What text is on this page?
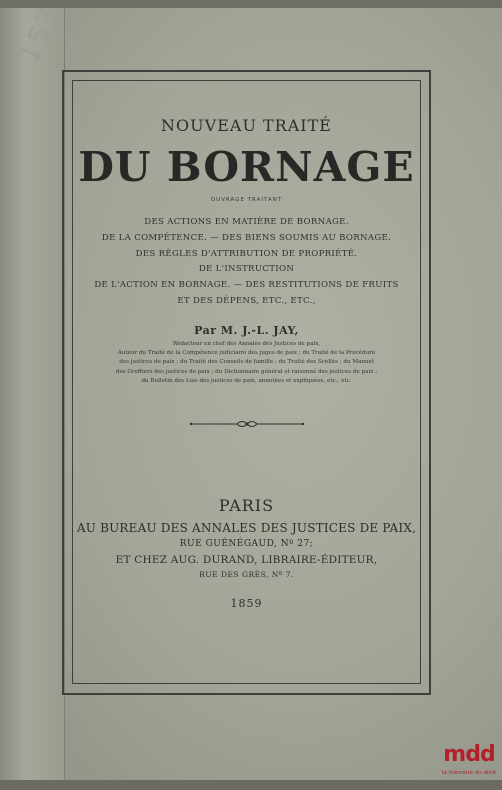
153
NOUVEAU TRAITÉ
DU BORNAGE
OUVRAGE TRAITANT
DES ACTIONS EN MATIÈRE DE BORNAGE.
DE LA COMPÉTENCE. — DES BIENS SOUMIS AU BORNAGE.
DES RÈGLES D'ATTRIBUTION DE PROPRIÉTÉ.
DE L'INSTRUCTION
DE L'ACTION EN BORNAGE. — DES RESTITUTIONS DE FRUITS
ET DES DÉPENS, ETC., ETC.,
Par M. J.-L. JAY,
Rédacteur en chef des Annales des Justices de paix,
Auteur du Traité de la Compétence judiciaire des juges de paix ; du Traité de la Procédure
des justices de paix ; du Traité des Conseils de famille ; du Traité des Scellés ; du Manuel
des Greffiers des justices de paix ; du Dictionnaire général et raisonné des justices de paix ;
du Bulletin des Lois des justices de paix, annotées et expliquées, etc., etc.
PARIS
AU BUREAU DES ANNALES DES JUSTICES DE PAIX,
RUE GUÉNÉGAUD, Nº 27;
ET CHEZ AUG. DURAND, LIBRAIRE-ÉDITEUR,
RUE DES GRÈS, Nº 7.
1859
mdd
la mémoire du droit
